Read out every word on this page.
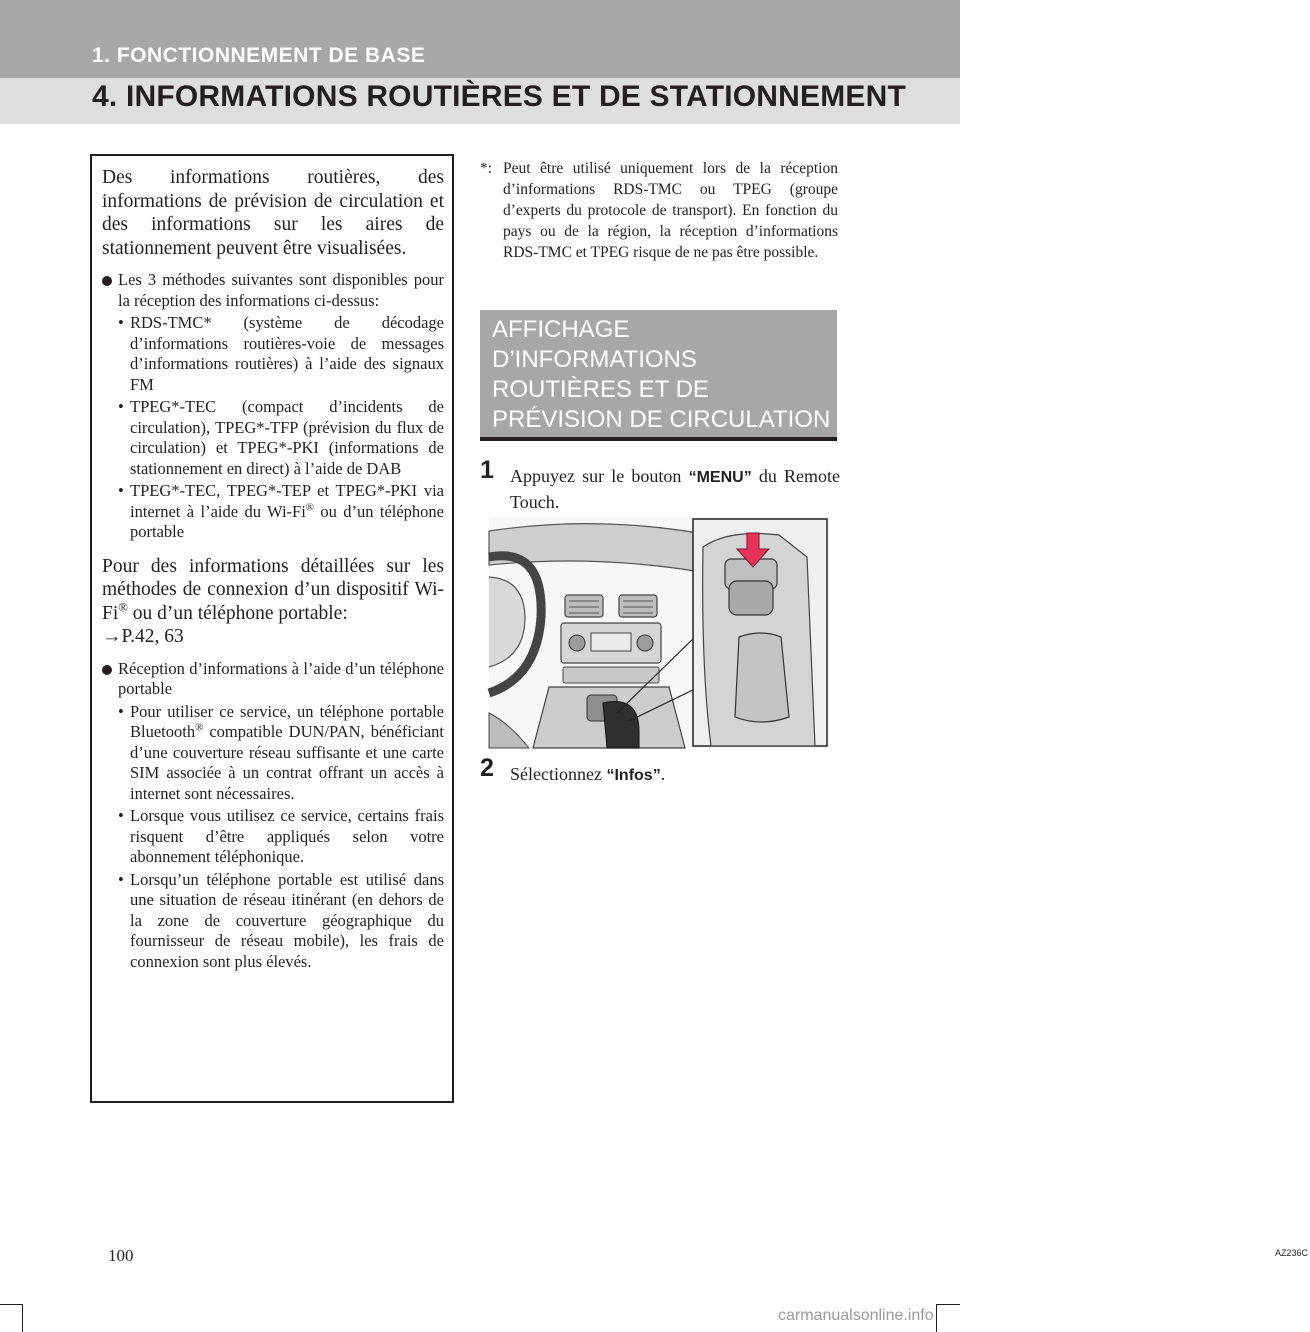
1. FONCTIONNEMENT DE BASE
4. INFORMATIONS ROUTIÈRES ET DE STATIONNEMENT

Des informations routières, des informations de prévision de circulation et des informations sur les aires de stationnement peuvent être visualisées.

Les 3 méthodes suivantes sont disponibles pour la réception des informations ci-dessus:
• RDS-TMC* (système de décodage d’informations routières-voie de messages d’informations routières) à l’aide des signaux FM
• TPEG*-TEC (compact d’incidents de circulation), TPEG*-TFP (prévision du flux de circulation) et TPEG*-PKI (informations de stationnement en direct) à l’aide de DAB
• TPEG*-TEC, TPEG*-TEP et TPEG*-PKI via internet à l’aide du Wi-Fi® ou d’un téléphone portable

Pour des informations détaillées sur les méthodes de connexion d’un dispositif Wi-Fi® ou d’un téléphone portable:
→P.42, 63

Réception d’informations à l’aide d’un téléphone portable
• Pour utiliser ce service, un téléphone portable Bluetooth® compatible DUN/PAN, bénéficiant d’une couverture réseau suffisante et une carte SIM associée à un contrat offrant un accès à internet sont nécessaires.
• Lorsque vous utilisez ce service, certains frais risquent d’être appliqués selon votre abonnement téléphonique.
• Lorsqu’un téléphone portable est utilisé dans une situation de réseau itinérant (en dehors de la zone de couverture géographique du fournisseur de réseau mobile), les frais de connexion sont plus élevés.
*: Peut être utilisé uniquement lors de la réception d’informations RDS-TMC ou TPEG (groupe d’experts du protocole de transport). En fonction du pays ou de la région, la réception d’informations RDS-TMC et TPEG risque de ne pas être possible.
AFFICHAGE D’INFORMATIONS ROUTIÈRES ET DE PRÉVISION DE CIRCULATION
1 Appuyez sur le bouton “MENU” du Remote Touch.
AZ236C
2 Sélectionnez “Infos”.
100
carmanualsonline.info
